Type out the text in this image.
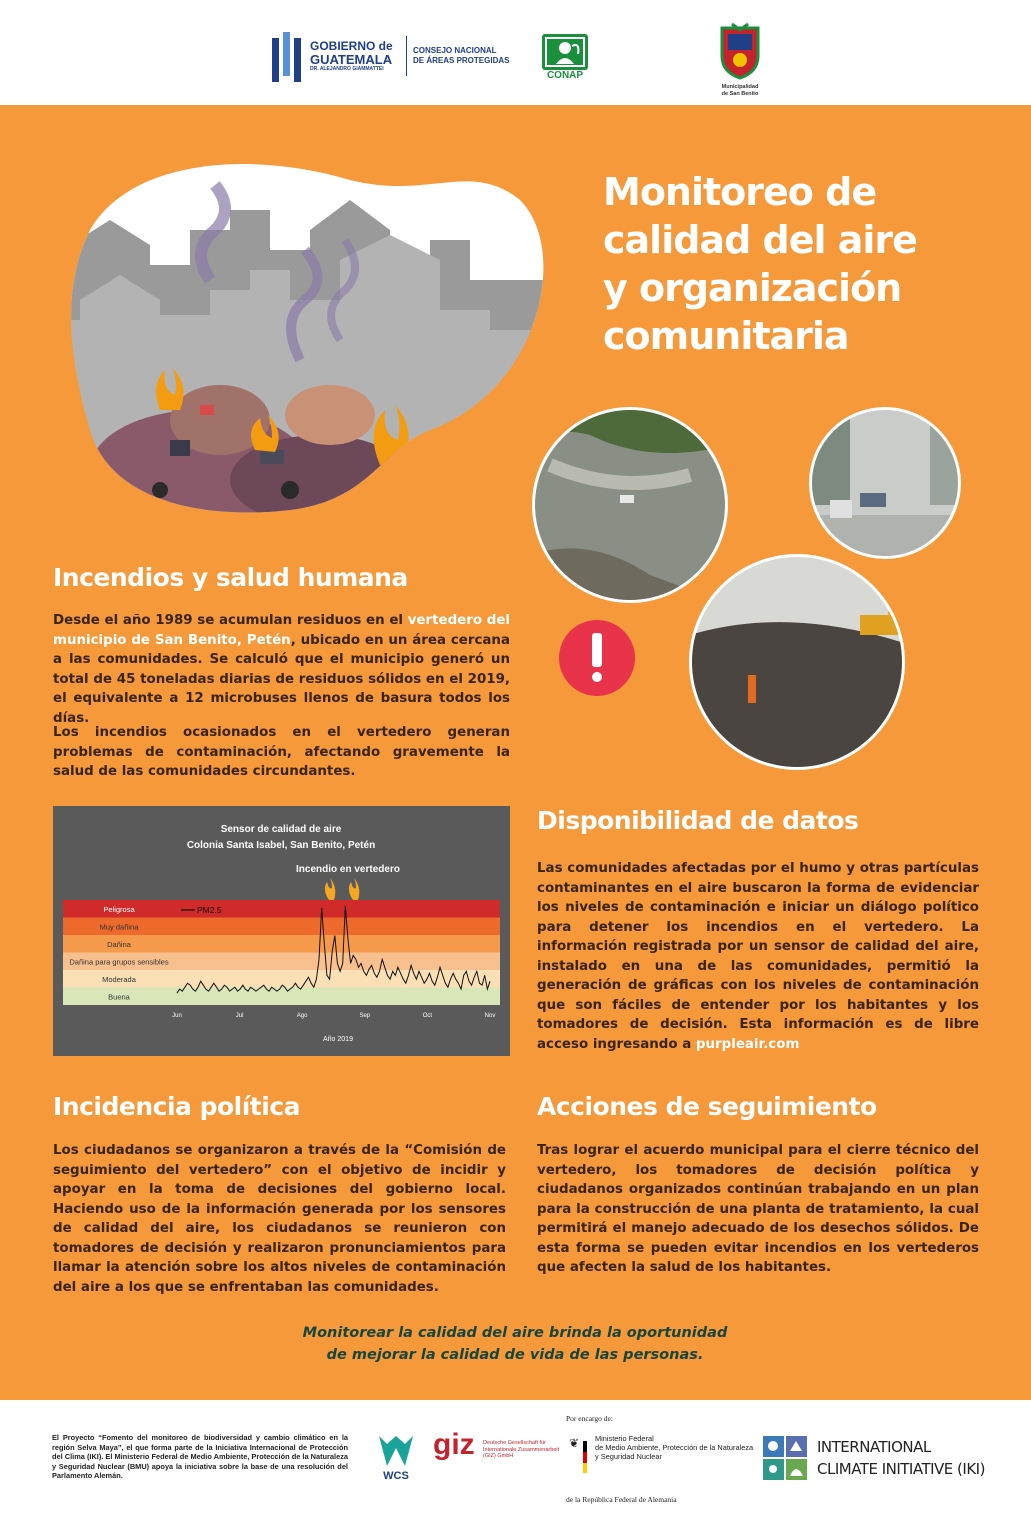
GOBIERNO de
GUATEMALA
DR. ALEJANDRO GIAMMATTEI
CONSEJO NACIONAL
DE ÁREAS PROTEGIDAS
CONAP
Municipalidad
de San Benito
Monitoreo de
calidad del aire
y organización
comunitaria
Incendios y salud humana
Desde el año 1989 se acumulan residuos en el vertedero del municipio de San Benito, Petén, ubicado en un área cercana a las comunidades. Se calculó que el municipio generó un total de 45 toneladas diarias de residuos sólidos en el 2019, el equivalente a 12 microbuses llenos de basura todos los días.
Los incendios ocasionados en el vertedero generan problemas de contaminación, afectando gravemente la salud de las comunidades circundantes.
Sensor de calidad de aire
Colonia Santa Isabel, San Benito, Petén
Incendio en vertedero
Peligrosa
Muy dañina
Dañina
Dañina para grupos sensibles
Moderada
Buena
PM2.5
Jun	Jul	Ago	Sep	Oct	Nov
Año 2019
Disponibilidad de datos
Las comunidades afectadas por el humo y otras partículas contaminantes en el aire buscaron la forma de evidenciar los niveles de contaminación e iniciar un diálogo político para detener los incendios en el vertedero. La información registrada por un sensor de calidad del aire, instalado en una de las comunidades, permitió la generación de gráficas con los niveles de contaminación que son fáciles de entender por los habitantes y los tomadores de decisión. Esta información es de libre acceso ingresando a purpleair.com
Incidencia política
Los ciudadanos se organizaron a través de la “Comisión de seguimiento del vertedero” con el objetivo de incidir y apoyar en la toma de decisiones del gobierno local. Haciendo uso de la información generada por los sensores de calidad del aire, los ciudadanos se reunieron con tomadores de decisión y realizaron pronunciamientos para llamar la atención sobre los altos niveles de contaminación del aire a los que se enfrentaban las comunidades.
Acciones de seguimiento
Tras lograr el acuerdo municipal para el cierre técnico del vertedero, los tomadores de decisión política y ciudadanos organizados continúan trabajando en un plan para la construcción de una planta de tratamiento, la cual permitirá el manejo adecuado de los desechos sólidos. De esta forma se pueden evitar incendios en los vertederos que afecten la salud de los habitantes.
Monitorear la calidad del aire brinda la oportunidad
de mejorar la calidad de vida de las personas.
El Proyecto “Fomento del monitoreo de biodiversidad y cambio climático en la región Selva Maya”, el que forma parte de la Iniciativa Internacional de Protección del Clima (IKI). El Ministerio Federal de Medio Ambiente, Protección de la Naturaleza y Seguridad Nuclear (BMU) apoya la iniciativa sobre la base de una resolución del Parlamento Alemán.	WCS
giz Deutsche Gesellschaft für Internationale Zusammenarbeit (GIZ) GmbH
Por encargo de:
❦ Ministerio Federal
de Medio Ambiente, Protección de la Naturaleza
y Seguridad Nuclear
de la República Federal de Alemania
INTERNATIONAL
CLIMATE INITIATIVE (IKI)
